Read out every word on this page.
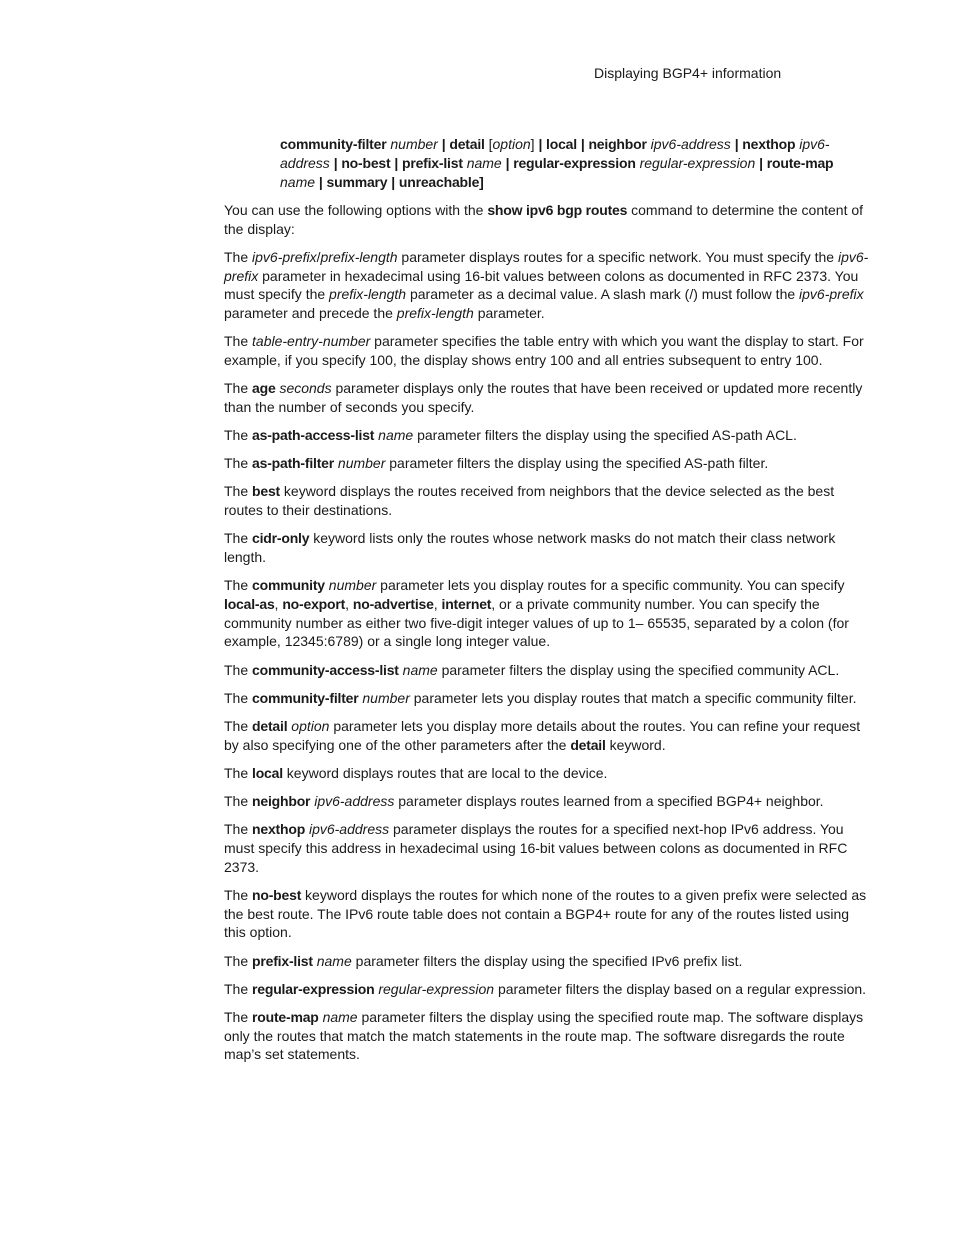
Displaying BGP4+ information
community-filter number | detail [option] | local | neighbor ipv6-address | nexthop ipv6-address | no-best | prefix-list name | regular-expression regular-expression | route-map name | summary | unreachable]

You can use the following options with the show ipv6 bgp routes command to determine the content of the display:

The ipv6-prefix/prefix-length parameter displays routes for a specific network. You must specify the ipv6-prefix parameter in hexadecimal using 16-bit values between colons as documented in RFC 2373. You must specify the prefix-length parameter as a decimal value. A slash mark (/) must follow the ipv6-prefix parameter and precede the prefix-length parameter.

The table-entry-number parameter specifies the table entry with which you want the display to start. For example, if you specify 100, the display shows entry 100 and all entries subsequent to entry 100.

The age seconds parameter displays only the routes that have been received or updated more recently than the number of seconds you specify.

The as-path-access-list name parameter filters the display using the specified AS-path ACL.

The as-path-filter number parameter filters the display using the specified AS-path filter.

The best keyword displays the routes received from neighbors that the device selected as the best routes to their destinations.

The cidr-only keyword lists only the routes whose network masks do not match their class network length.

The community number parameter lets you display routes for a specific community. You can specify local-as, no-export, no-advertise, internet, or a private community number. You can specify the community number as either two five-digit integer values of up to 1– 65535, separated by a colon (for example, 12345:6789) or a single long integer value.

The community-access-list name parameter filters the display using the specified community ACL.

The community-filter number parameter lets you display routes that match a specific community filter.

The detail option parameter lets you display more details about the routes. You can refine your request by also specifying one of the other parameters after the detail keyword.

The local keyword displays routes that are local to the device.

The neighbor ipv6-address parameter displays routes learned from a specified BGP4+ neighbor.

The nexthop ipv6-address parameter displays the routes for a specified next-hop IPv6 address. You must specify this address in hexadecimal using 16-bit values between colons as documented in RFC 2373.

The no-best keyword displays the routes for which none of the routes to a given prefix were selected as the best route. The IPv6 route table does not contain a BGP4+ route for any of the routes listed using this option.

The prefix-list name parameter filters the display using the specified IPv6 prefix list.

The regular-expression regular-expression parameter filters the display based on a regular expression.

The route-map name parameter filters the display using the specified route map. The software displays only the routes that match the match statements in the route map. The software disregards the route map’s set statements.
